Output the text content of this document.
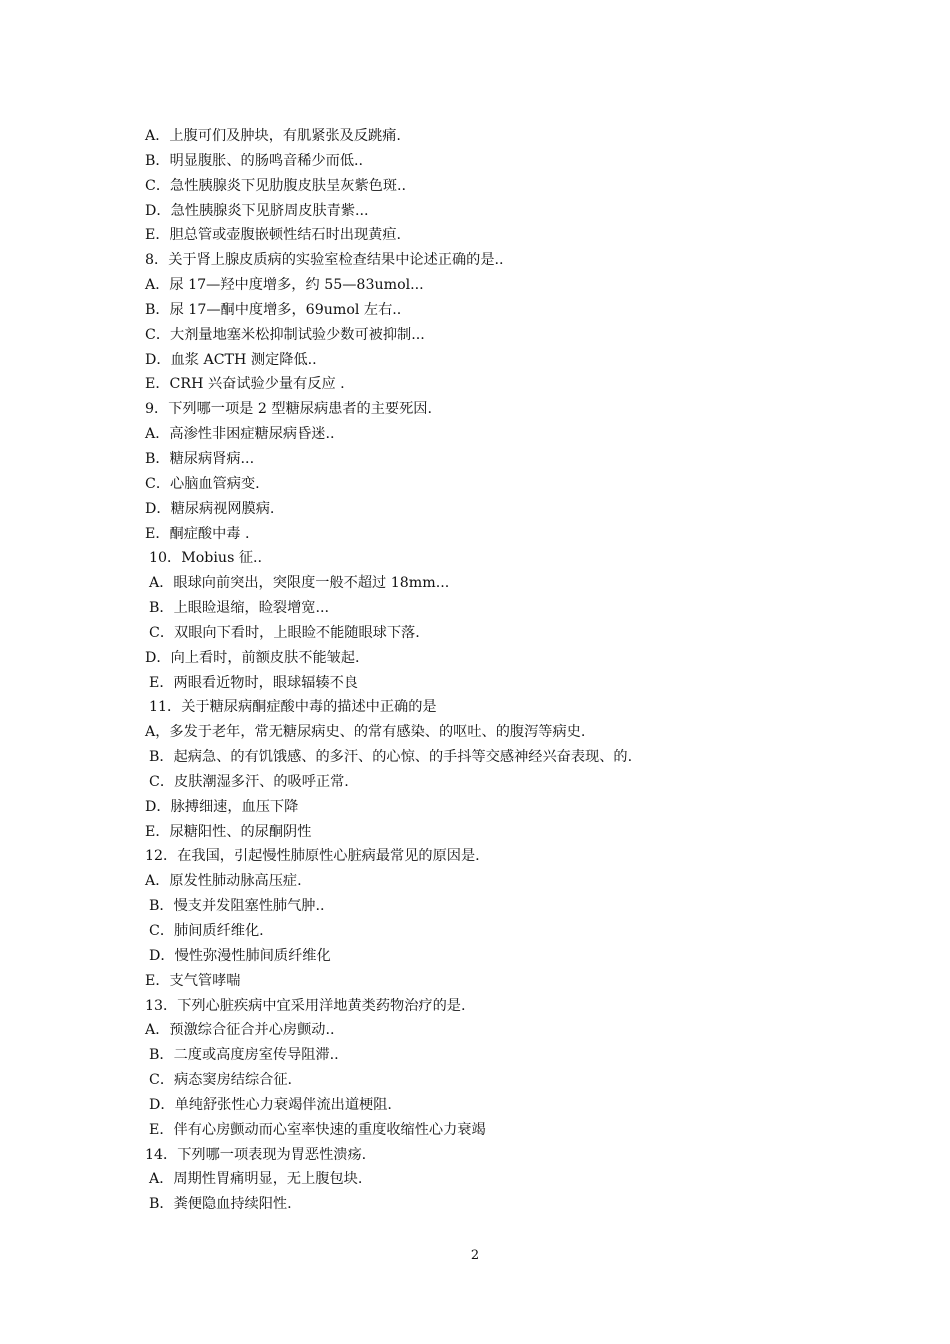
A．上腹可们及肿块，有肌紧张及反跳痛.
B．明显腹胀、的肠鸣音稀少而低..
C．急性胰腺炎下见肋腹皮肤呈灰紫色斑..
D．急性胰腺炎下见脐周皮肤青紫...
E．胆总管或壶腹嵌顿性结石时出现黄疸.
8．关于肾上腺皮质病的实验室检查结果中论述正确的是..
A．尿 17—羟中度增多，约 55—83umol...
B．尿 17—酮中度增多，69umol 左右..
C．大剂量地塞米松抑制试验少数可被抑制...
D．血浆 ACTH 测定降低..
E．CRH 兴奋试验少量有反应 .
9．下列哪一项是 2 型糖尿病患者的主要死因.
A．高渗性非困症糖尿病昏迷..
B．糖尿病肾病...
C．心脑血管病变.
D．糖尿病视网膜病.
E．酮症酸中毒 .
10．Mobius 征..
A．眼球向前突出，突限度一般不超过 18mm...
B．上眼睑退缩，睑裂增宽...
C．双眼向下看时，上眼睑不能随眼球下落.
D．向上看时，前额皮肤不能皱起.
E．两眼看近物时，眼球辐辏不良
11．关于糖尿病酮症酸中毒的描述中正确的是
A，多发于老年，常无糖尿病史、的常有感染、的呕吐、的腹泻等病史.
B．起病急、的有饥饿感、的多汗、的心惊、的手抖等交感神经兴奋表现、的.
C．皮肤潮湿多汗、的吸呼正常.
D．脉搏细速，血压下降
E．尿糖阳性、的尿酮阴性
12．在我国，引起慢性肺原性心脏病最常见的原因是.
A．原发性肺动脉高压症.
B．慢支并发阻塞性肺气肿..
C．肺间质纤维化.
D．慢性弥漫性肺间质纤维化
E．支气管哮喘
13．下列心脏疾病中宜采用洋地黄类药物治疗的是.
A．预激综合征合并心房颤动..
B．二度或高度房室传导阻滞..
C．病态窦房结综合征.
D．单纯舒张性心力衰竭伴流出道梗阻.
E．伴有心房颤动而心室率快速的重度收缩性心力衰竭
14．下列哪一项表现为胃恶性溃疡.
A．周期性胃痛明显，无上腹包块.
B．粪便隐血持续阳性.
2
